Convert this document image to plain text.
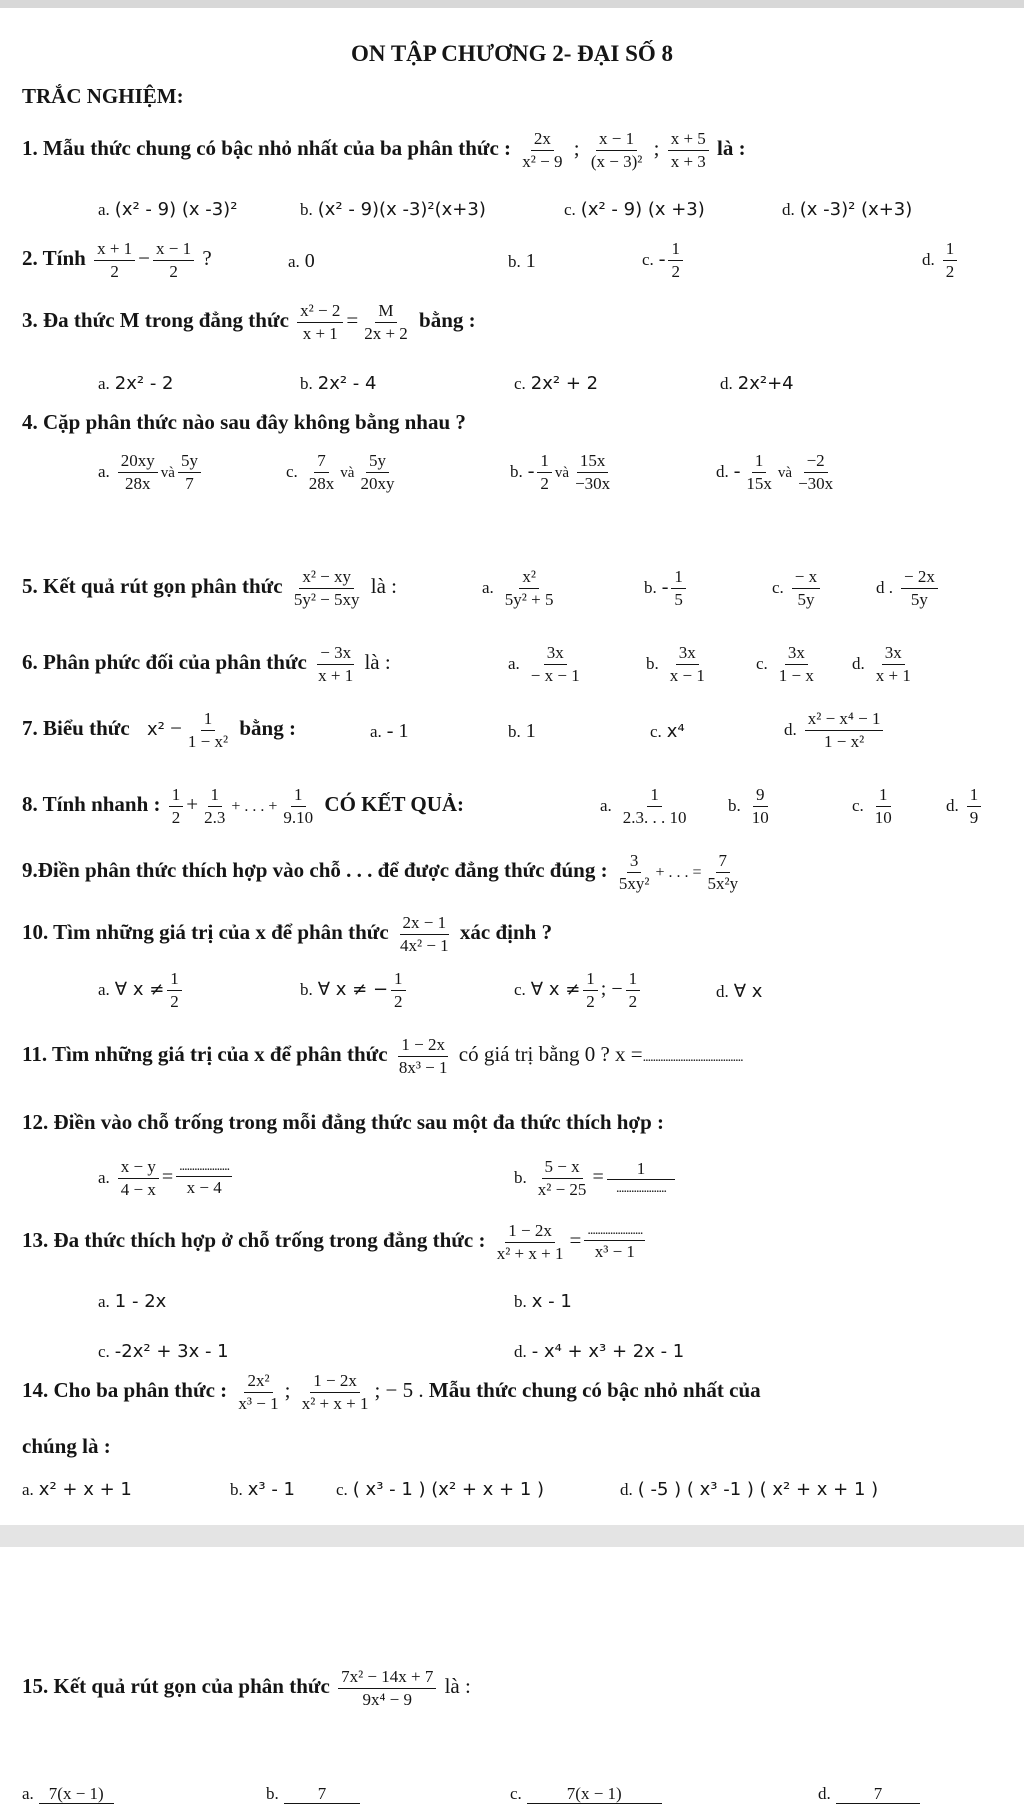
ON TẬP CHƯƠNG 2- ĐẠI SỐ 8
TRẮC NGHIỆM:
1. Mẫu thức chung có bậc nhỏ nhất của ba phân thức : $\frac{2x}{\text{x² − 9}}$ ; $\frac{x - 1}{\text{(x − 3)²}}$ ; $\frac{x + 5}{x + 3}$ là :
a. (x² - 9) (x -3)²	b. (x² - 9)(x -3)²(x+3)	c. (x² - 9) (x +3)	d. (x -3)² (x+3)
2. Tính $\frac{x + 1}{2} - \frac{x - 1}{2}$ ?	a. 0	b. 1	c. - $\frac{1}{2}$	d. $\frac{1}{2}$
3. Đa thức M trong đẳng thức $\frac{\text{x² − 2}}{x + 1} = \frac{M}{2x + 2}$ bằng :
a. 2x² - 2	b. 2x² - 4	c. 2x² + 2	d. 2x²+4
4. Cặp phân thức nào sau đây không bằng nhau ?
a. $\frac{20xy}{28x}$ và $\frac{5y}{7}$	c. $\frac{7}{28x}$ và $\frac{5y}{20xy}$	b. - $\frac{1}{2}$ và $\frac{15x}{-30x}$	d. - $\frac{1}{15x}$ và $\frac{-2}{-30x}$
5. Kết quả rút gọn phân thức $\frac{\text{x² − xy}}{\text{5y² − 5xy}}$ là :	a. $\frac{\text{x²}}{\text{5y² + 5}}$	b. - $\frac{1}{5}$	c. $\frac{- x}{5y}$	d . $\frac{- 2x}{5y}$
6. Phân phức đối của phân thức $\frac{- 3x}{x + 1}$ là :	a. $\frac{3x}{- x - 1}$	b. $\frac{3x}{x - 1}$	c. $\frac{3x}{1 - x} d$. $\frac{3x}{x + 1}$
7. Biểu thức $x^2 - \frac{1}{\text{1 − x²}}$ bằng :	a. - 1	b. 1	c. x⁴	d. $\frac{\text{x² − x⁴ − 1}}{\text{1 − x²}}$
8. Tính nhanh : $\frac{1}{2} + \frac{1}{2.3}$ + . . . + $\frac{1}{9.10}$ CÓ KẾT QUẢ:	a. $\frac{1}{2.3. . . 10} b$. $\frac{9}{10}$	c. $\frac{1}{10}$	d. $\frac{1}{9}$
9.Điền phân thức thích hợp vào chỗ . . . để được đẳng thức đúng : $\frac{3}{\text{5xy²}}$ + . . . = $\frac{7}{\text{5x²y}}$
10. Tìm những giá trị của x để phân thức $\frac{2x - 1}{\text{4x² − 1}}$ xác định ?
a. ∀ $x \ne \frac{1}{2}$	b. ∀ x ≠ − $\frac{1}{2}$	c. ∀ $x \ne \frac{1}{2}$ ; − $\frac{1}{2}$	d. ∀ x
11. Tìm những giá trị của x để phân thức $\frac{1 - 2x}{\text{8x³ − 1}}$ có giá trị bằng 0 ? x =........................................
12. Điền vào chỗ trống trong mỗi đẳng thức sau một đa thức thích hợp :
a. $\frac{x - y}{4 - x} = \frac{....................}{x - 4}$	b. $\frac{5 - x}{\text{x² − 25}} = \frac{1}{....................}$
13. Đa thức thích hợp ở chỗ trống trong đẳng thức : $\frac{1 - 2x}{\text{x² + x + 1}} = \frac{......................}{\text{x³ − 1}}$
a. 1 - 2x	b. x - 1
c. -2x² + 3x - 1	d. - x⁴ + x³ + 2x - 1
14. Cho ba phân thức : $\frac{\text{2x²}}{\text{x³ − 1}}$ ; $\frac{1 - 2x}{\text{x² + x + 1}}$ ; − 5 . Mẫu thức chung có bậc nhỏ nhất của
chúng là :
a. x² + x + 1	b. x³ - 1 c. ( x³ - 1 ) (x² + x + 1 )	d. ( -5 ) ( x³ -1 ) ( x² + x + 1 )
15. Kết quả rút gọn của phân thức $\frac{\text{7x² − 14x + 7}}{\text{9x⁴ − 9}}$ là :
a. 7(x − 1)	b. 7	c.	7(x − 1)	d.	7
